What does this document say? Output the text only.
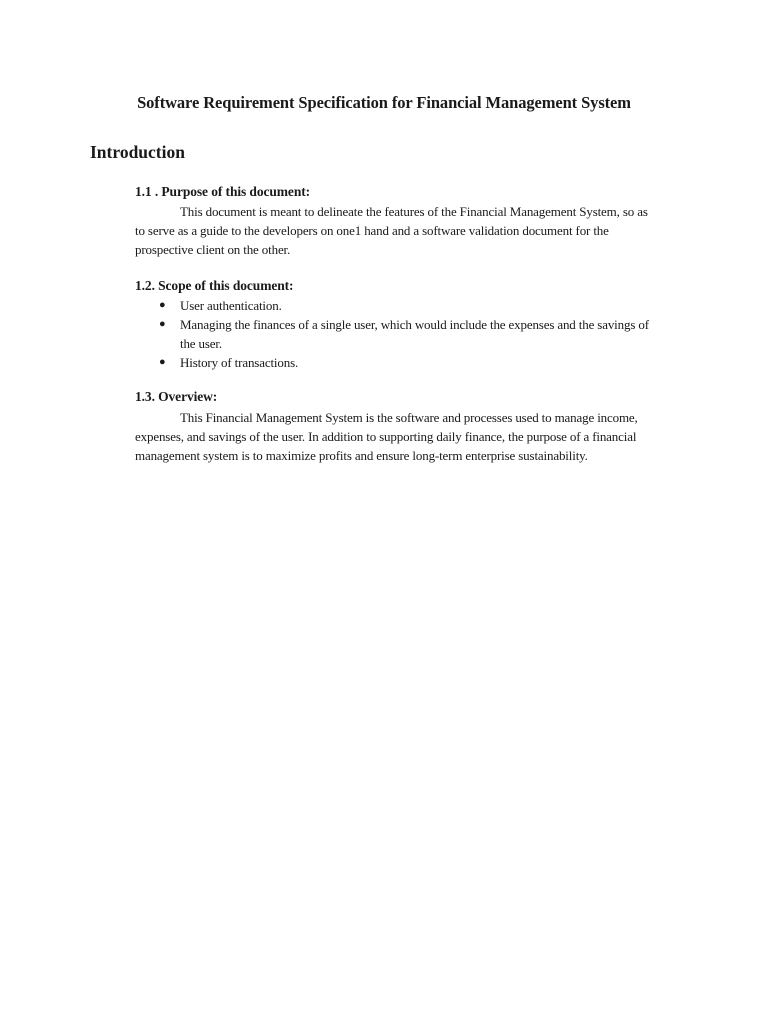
Software Requirement Specification for Financial Management System
Introduction
1.1 . Purpose of this document:

This document is meant to delineate the features of the Financial Management System, so as to serve as a guide to the developers on one1 hand and a software validation document for the prospective client on the other.

1.2. Scope of this document:
● User authentication.
● Managing the finances of a single user, which would include the expenses and the savings of the user.
● History of transactions.
1.3. Overview:

This Financial Management System is the software and processes used to manage income, expenses, and savings of the user. In addition to supporting daily finance, the purpose of a financial management system is to maximize profits and ensure long-term enterprise sustainability.
